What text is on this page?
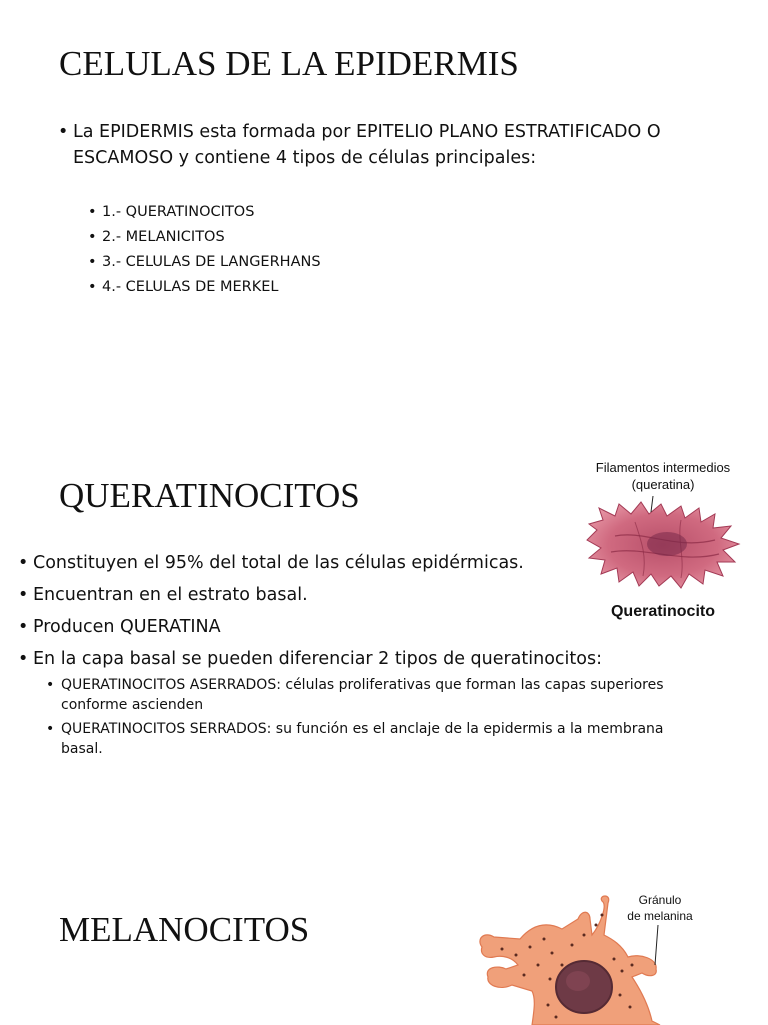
CELULAS DE LA EPIDERMIS
• La EPIDERMIS esta formada por EPITELIO PLANO ESTRATIFICADO O
ESCAMOSO y contiene 4 tipos de células principales:
• 1.- QUERATINOCITOS
• 2.- MELANICITOS
• 3.- CELULAS DE LANGERHANS
• 4.- CELULAS DE MERKEL
QUERATINOCITOS
• Constituyen el 95% del total de las células epidérmicas.
• Encuentran en el estrato basal.
• Producen QUERATINA
• En la capa basal se pueden diferenciar 2 tipos de queratinocitos:
• QUERATINOCITOS ASERRADOS: células proliferativas que forman las capas superiores
conforme ascienden
• QUERATINOCITOS SERRADOS: su función es el anclaje de la epidermis a la membrana
basal.
Filamentos intermedios
(queratina)
Queratinocito
MELANOCITOS
Gránulo
de melanina
